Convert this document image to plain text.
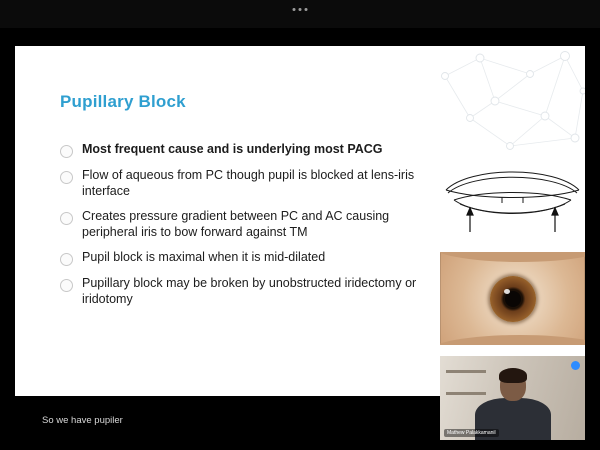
Pupillary Block
Most frequent cause and is underlying most PACG
Flow of aqueous from PC though pupil is blocked at lens-iris interface
Creates pressure gradient between PC and AC causing peripheral iris to bow forward against TM
Pupil block is maximal when it is mid-dilated
Pupillary block may be broken by unobstructed iridectomy or iridotomy
Mathew Palakkamanil
So we have pupiler
